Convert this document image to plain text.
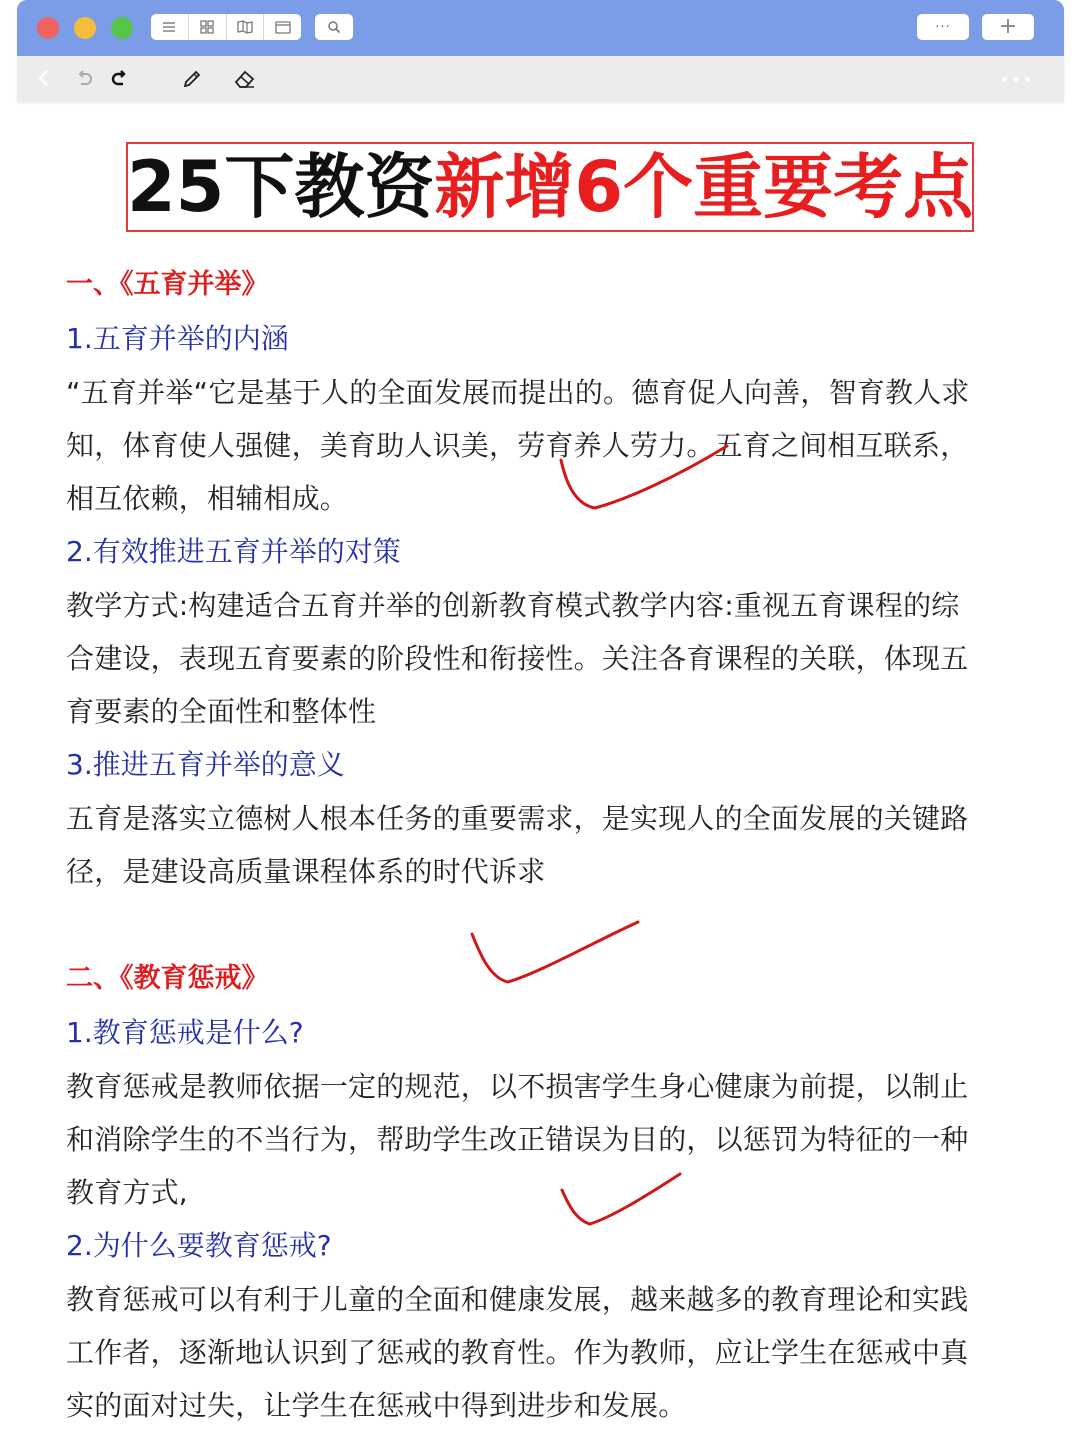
··· +
•••
25下教资 新增6个重要考点
一、《五育并举》
1.五育并举的内涵

“五育并举“它是基于人的全面发展而提出的。德育促人向善，智育教人求
知，体育使人强健，美育助人识美，劳育养人劳力。五育之间相互联系，
相互依赖，相辅相成。

2.有效推进五育并举的对策

教学方式:构建适合五育并举的创新教育模式教学内容:重视五育课程的综
合建设，表现五育要素的阶段性和衔接性。关注各育课程的关联，体现五
育要素的全面性和整体性

3.推进五育并举的意义

五育是落实立德树人根本任务的重要需求，是实现人的全面发展的关键路
径，是建设高质量课程体系的时代诉求

二、《教育惩戒》
1.教育惩戒是什么?

教育惩戒是教师依据一定的规范，以不损害学生身心健康为前提，以制止
和消除学生的不当行为，帮助学生改正错误为目的，以惩罚为特征的一种
教育方式,

2.为什么要教育惩戒?

教育惩戒可以有利于儿童的全面和健康发展，越来越多的教育理论和实践
工作者，逐渐地认识到了惩戒的教育性。作为教师，应让学生在惩戒中真
实的面对过失，让学生在惩戒中得到进步和发展。
